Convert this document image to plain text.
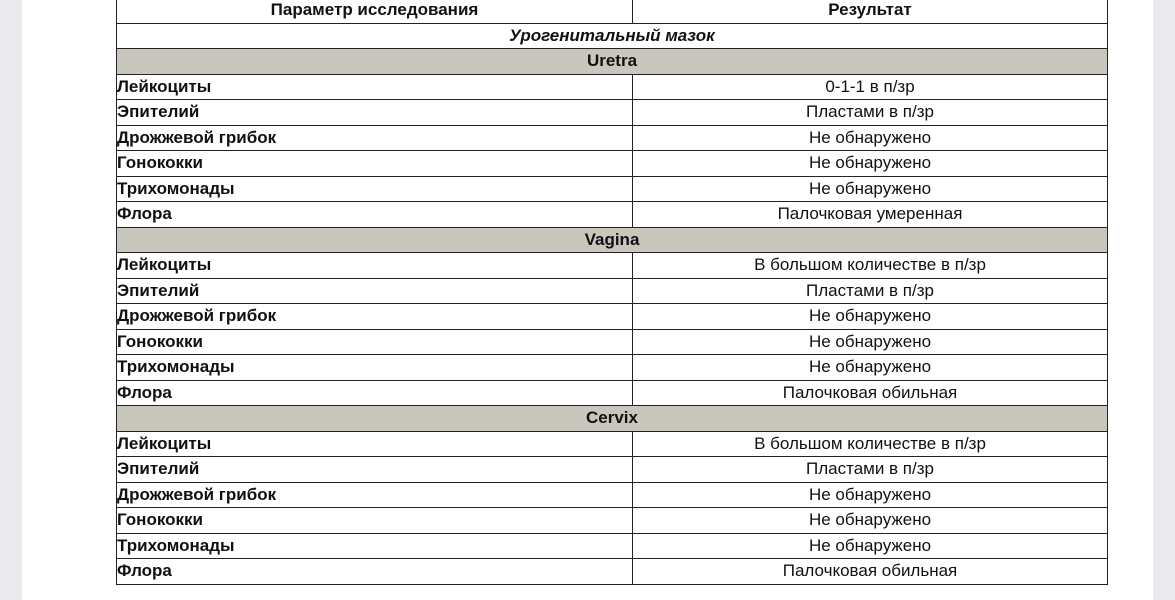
Параметр исследования	Результат
Урогенитальный мазок	
Uretra	
Лейкоциты	0-1-1 в п/зр
Эпителий	Пластами в п/зр
Дрожжевой грибок	Не обнаружено
Гонококки	Не обнаружено
Трихомонады	Не обнаружено
Флора	Палочковая умеренная
Vagina	
Лейкоциты	В большом количестве в п/зр
Эпителий	Пластами в п/зр
Дрожжевой грибок	Не обнаружено
Гонококки	Не обнаружено
Трихомонады	Не обнаружено
Флора	Палочковая обильная
Cervix	
Лейкоциты	В большом количестве в п/зр
Эпителий	Пластами в п/зр
Дрожжевой грибок	Не обнаружено
Гонококки	Не обнаружено
Трихомонады	Не обнаружено
Флора	Палочковая обильная
